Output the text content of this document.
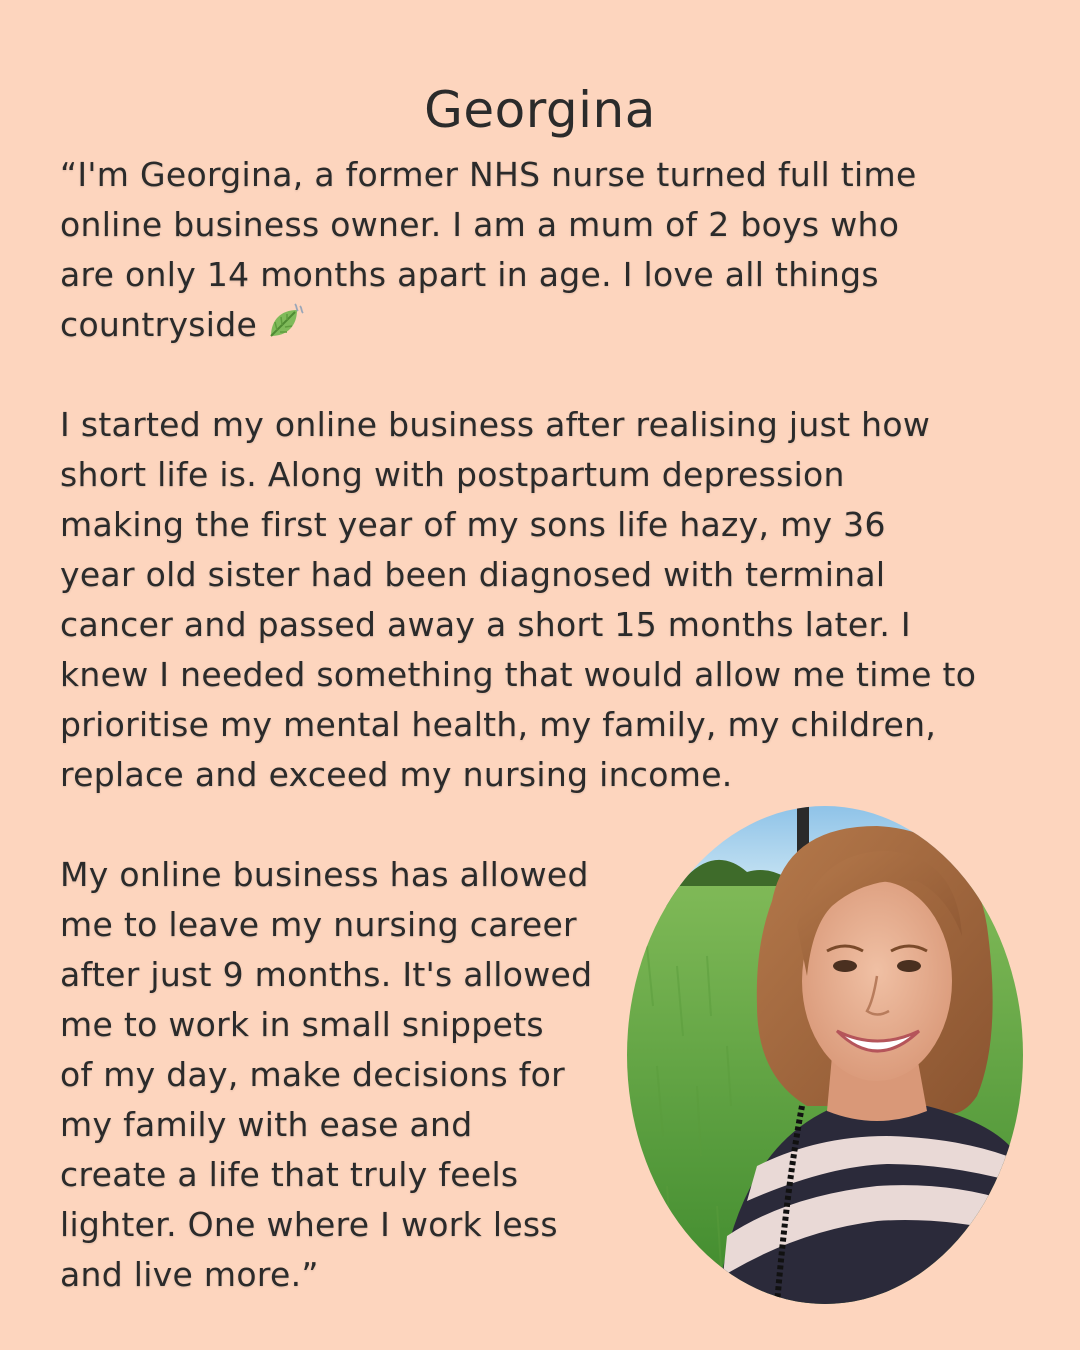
Georgina

“I'm Georgina, a former NHS nurse turned full time
online business owner. I am a mum of 2 boys who
are only 14 months apart in age. I love all things
countryside

I started my online business after realising just how
short life is. Along with postpartum depression
making the first year of my sons life hazy, my 36
year old sister had been diagnosed with terminal
cancer and passed away a short 15 months later. I
knew I needed something that would allow me time to
prioritise my mental health, my family, my children,
replace and exceed my nursing income.

My online business has allowed
me to leave my nursing career
after just 9 months. It's allowed
me to work in small snippets
of my day, make decisions for
my family with ease and
create a life that truly feels
lighter. One where I work less
and live more.”
